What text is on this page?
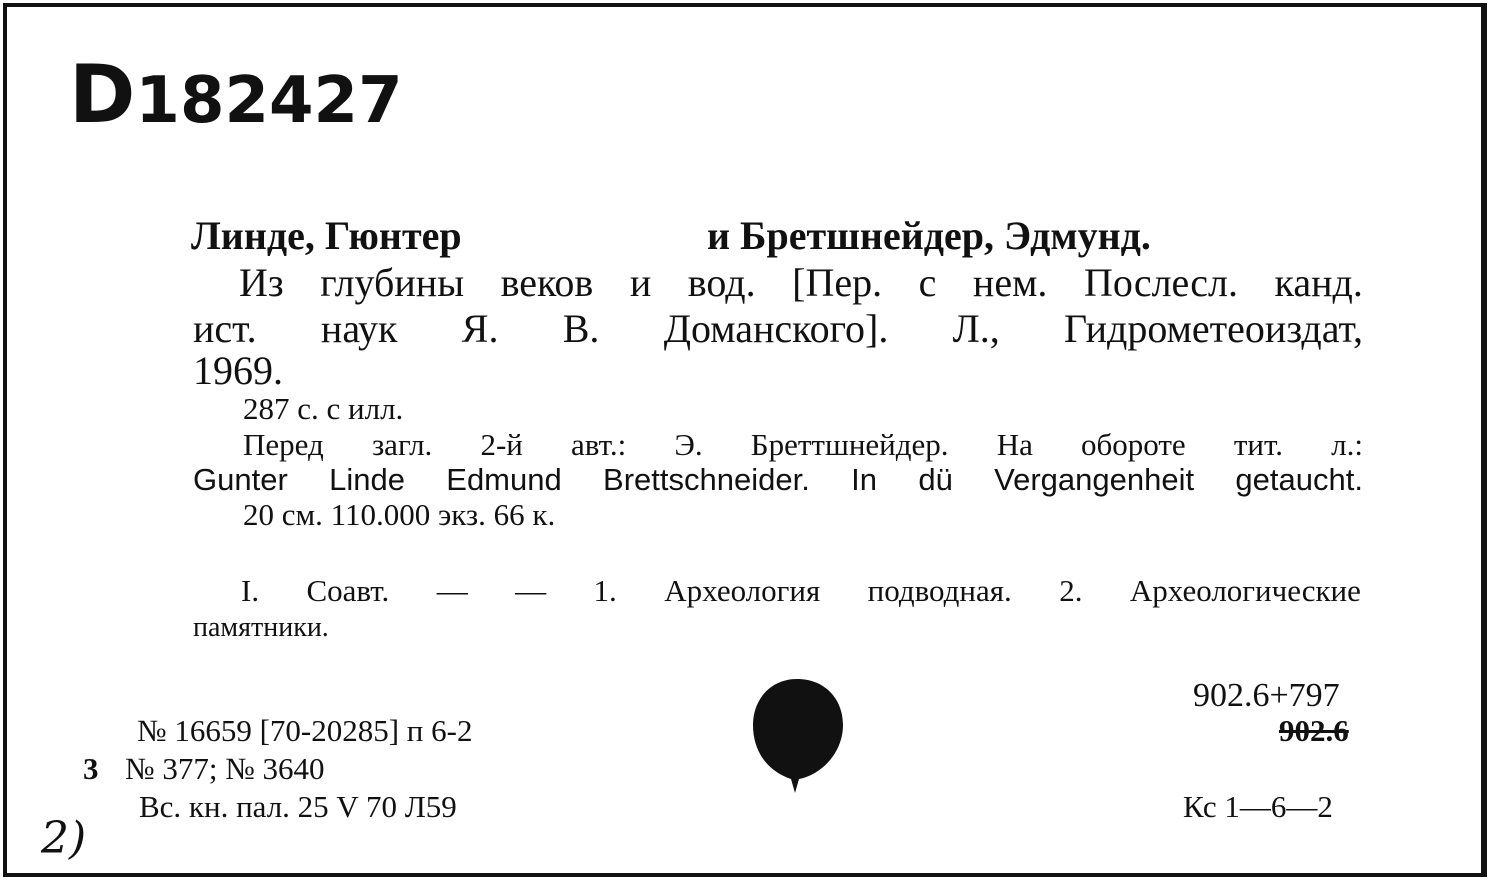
D182427
Линде, Гюнтер	и Бретшнейдер, Эдмунд.
Из глубины веков и вод. [Пер. с нем. Послесл. канд.
ист. наук Я. В. Доманского]. Л., Гидрометеоиздат,
1969.
287 с. с илл.
Перед загл. 2-й авт.: Э. Бреттшнейдер. На обороте тит. л.:
Gunter Linde Edmund Brettschneider. In dü Vergangenheit getaucht.
20 см. 110.000 экз. 66 к.
I. Соавт. — — 1. Археология подводная. 2. Археологические
памятники.
№ 16659 [70-20285] п 6-2
3 № 377; № 3640
Вс. кн. пал. 25 V 70 Л59
902.6+797
902.6
Кс 1—6—2
2)
